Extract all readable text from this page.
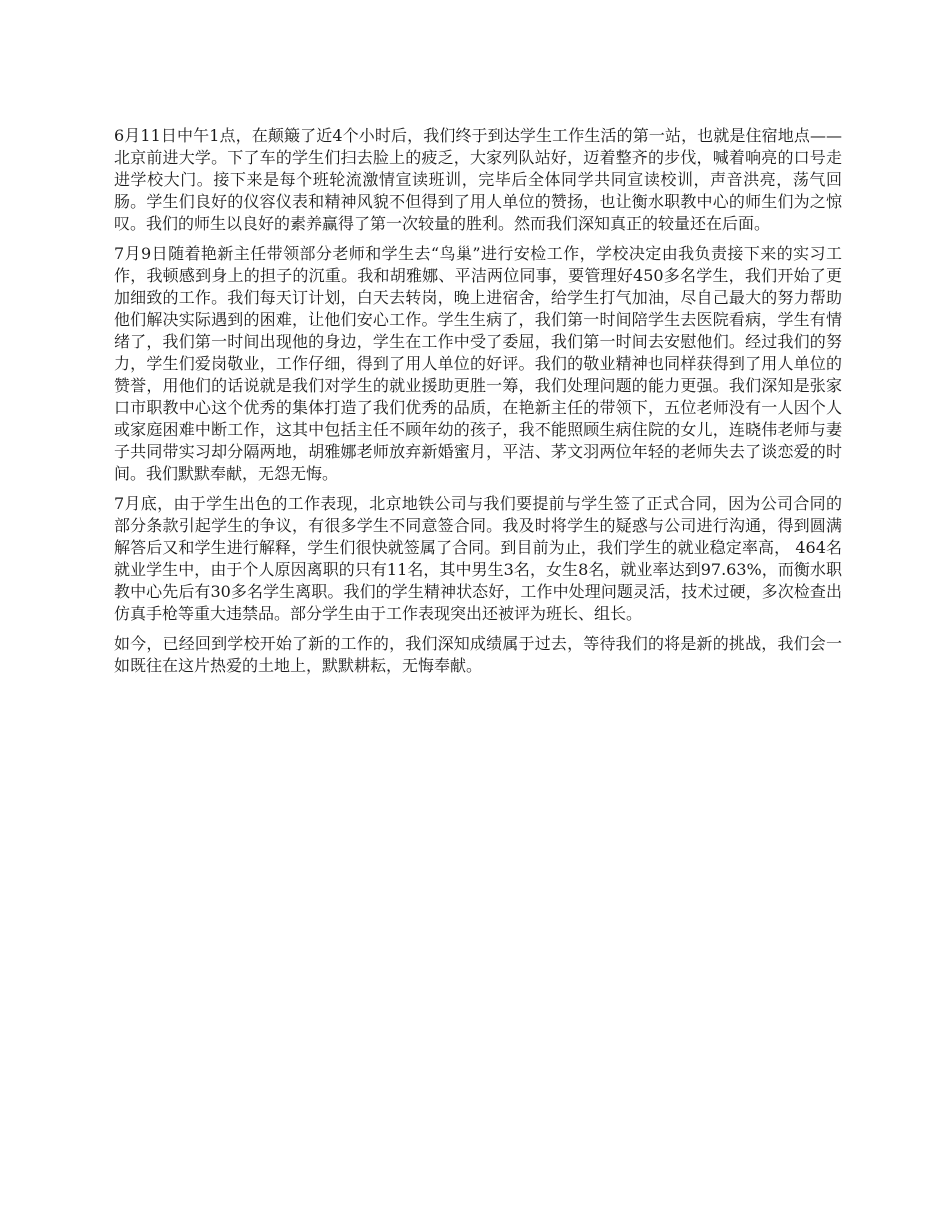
6月11日中午1点，在颠簸了近4个小时后，我们终于到达学生工作生活的第一站，也就是住宿地点——北京前进大学。下了车的学生们扫去脸上的疲乏，大家列队站好，迈着整齐的步伐，喊着响亮的口号走进学校大门。接下来是每个班轮流激情宣读班训，完毕后全体同学共同宣读校训，声音洪亮，荡气回肠。学生们良好的仪容仪表和精神风貌不但得到了用人单位的赞扬，也让衡水职教中心的师生们为之惊叹。我们的师生以良好的素养赢得了第一次较量的胜利。然而我们深知真正的较量还在后面。

7月9日随着艳新主任带领部分老师和学生去“鸟巢”进行安检工作，学校决定由我负责接下来的实习工作，我顿感到身上的担子的沉重。我和胡雅娜、平洁两位同事，要管理好450多名学生，我们开始了更加细致的工作。我们每天订计划，白天去转岗，晚上进宿舍，给学生打气加油，尽自己最大的努力帮助他们解决实际遇到的困难，让他们安心工作。学生生病了，我们第一时间陪学生去医院看病，学生有情绪了，我们第一时间出现他的身边，学生在工作中受了委屈，我们第一时间去安慰他们。经过我们的努力，学生们爱岗敬业，工作仔细，得到了用人单位的好评。我们的敬业精神也同样获得到了用人单位的赞誉，用他们的话说就是我们对学生的就业援助更胜一筹，我们处理问题的能力更强。我们深知是张家口市职教中心这个优秀的集体打造了我们优秀的品质，在艳新主任的带领下，五位老师没有一人因个人或家庭困难中断工作，这其中包括主任不顾年幼的孩子，我不能照顾生病住院的女儿，连晓伟老师与妻子共同带实习却分隔两地，胡雅娜老师放弃新婚蜜月，平洁、茅文羽两位年轻的老师失去了谈恋爱的时间。我们默默奉献，无怨无悔。

7月底，由于学生出色的工作表现，北京地铁公司与我们要提前与学生签了正式合同，因为公司合同的部分条款引起学生的争议，有很多学生不同意签合同。我及时将学生的疑惑与公司进行沟通，得到圆满解答后又和学生进行解释，学生们很快就签属了合同。到目前为止，我们学生的就业稳定率高， 464名就业学生中，由于个人原因离职的只有11名，其中男生3名，女生8名，就业率达到97.63%，而衡水职教中心先后有30多名学生离职。我们的学生精神状态好，工作中处理问题灵活，技术过硬，多次检查出仿真手枪等重大违禁品。部分学生由于工作表现突出还被评为班长、组长。

如今，已经回到学校开始了新的工作的，我们深知成绩属于过去，等待我们的将是新的挑战，我们会一如既往在这片热爱的土地上，默默耕耘，无悔奉献。
